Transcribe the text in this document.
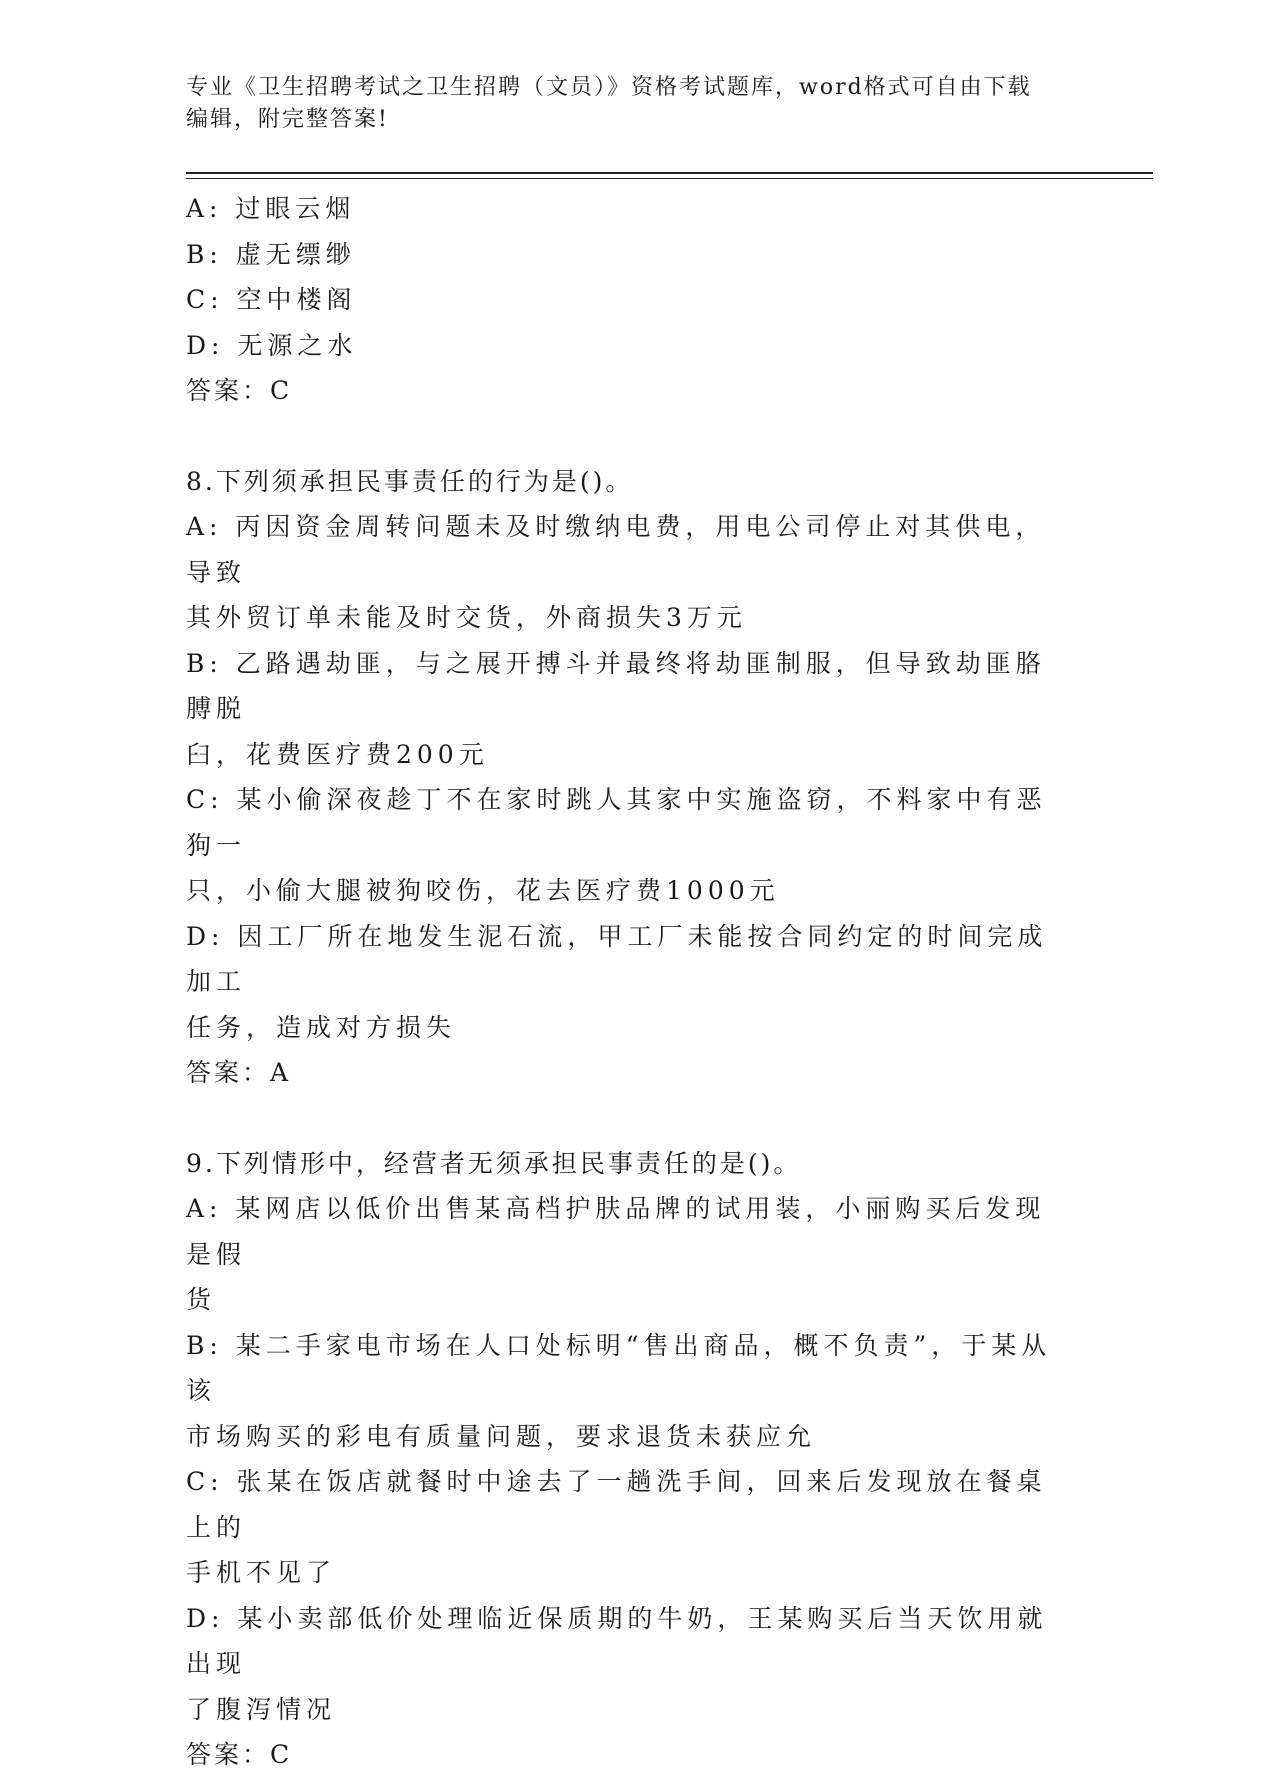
专业《卫生招聘考试之卫生招聘（文员）》资格考试题库，word格式可自由下载
编辑，附完整答案!
A: 过眼云烟
B: 虚无缥缈
C: 空中楼阁
D: 无源之水
答案：C
8.下列须承担民事责任的行为是()。
A: 丙因资金周转问题未及时缴纳电费，用电公司停止对其供电，导致
其外贸订单未能及时交货，外商损失3万元
B: 乙路遇劫匪，与之展开搏斗并最终将劫匪制服，但导致劫匪胳膊脱
臼，花费医疗费200元
C: 某小偷深夜趁丁不在家时跳人其家中实施盗窃，不料家中有恶狗一
只，小偷大腿被狗咬伤，花去医疗费1000元
D: 因工厂所在地发生泥石流，甲工厂未能按合同约定的时间完成加工
任务，造成对方损失
答案：A
9.下列情形中，经营者无须承担民事责任的是()。
A: 某网店以低价出售某高档护肤品牌的试用装，小丽购买后发现是假
货
B: 某二手家电市场在人口处标明“售出商品，概不负责”，于某从该
市场购买的彩电有质量问题，要求退货未获应允
C: 张某在饭店就餐时中途去了一趟洗手间，回来后发现放在餐桌上的
手机不见了
D: 某小卖部低价处理临近保质期的牛奶，王某购买后当天饮用就出现
了腹泻情况
答案：C
